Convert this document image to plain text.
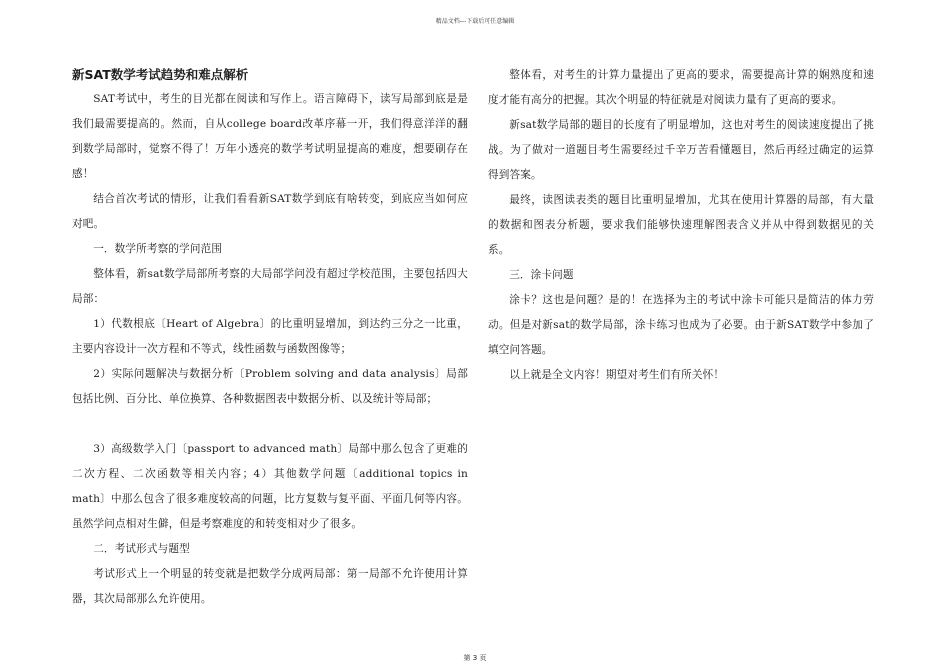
精品文档---下载后可任意编辑
新SAT数学考试趋势和难点解析

SAT考试中，考生的目光都在阅读和写作上。语言障碍下，读写局部到底是是我们最需要提高的。然而，自从college board改革序幕一开，我们得意洋洋的翻到数学局部时，觉察不得了！万年小透亮的数学考试明显提高的难度，想要刷存在感！

结合首次考试的情形，让我们看看新SAT数学到底有啥转变，到底应当如何应对吧。

一．数学所考察的学问范围

整体看，新sat数学局部所考察的大局部学问没有超过学校范围，主要包括四大局部：

1）代数根底〔Heart of Algebra〕的比重明显增加，到达约三分之一比重，主要内容设计一次方程和不等式，线性函数与函数图像等；

2）实际问题解决与数据分析〔Problem solving and data analysis〕局部包括比例、百分比、单位换算、各种数据图表中数据分析、以及统计等局部；

3）高级数学入门〔passport to advanced math〕局部中那么包含了更难的二次方程、二次函数等相关内容；4）其他数学问题〔additional topics in math〕中那么包含了很多难度较高的问题，比方复数与复平面、平面几何等内容。虽然学问点相对生僻，但是考察难度的和转变相对少了很多。

二．考试形式与题型

考试形式上一个明显的转变就是把数学分成两局部：第一局部不允许使用计算器，其次局部那么允许使用。

整体看，对考生的计算力量提出了更高的要求，需要提高计算的娴熟度和速度才能有高分的把握。其次个明显的特征就是对阅读力量有了更高的要求。

新sat数学局部的题目的长度有了明显增加，这也对考生的阅读速度提出了挑战。为了做对一道题目考生需要经过千辛万苦看懂题目，然后再经过确定的运算得到答案。

最终，读图读表类的题目比重明显增加，尤其在使用计算器的局部，有大量的数据和图表分析题，要求我们能够快速理解图表含义并从中得到数据见的关系。

三．涂卡问题

涂卡？这也是问题？是的！在选择为主的考试中涂卡可能只是简洁的体力劳动。但是对新sat的数学局部，涂卡练习也成为了必要。由于新SAT数学中参加了填空问答题。

以上就是全文内容！期望对考生们有所关怀！

第 3 页
